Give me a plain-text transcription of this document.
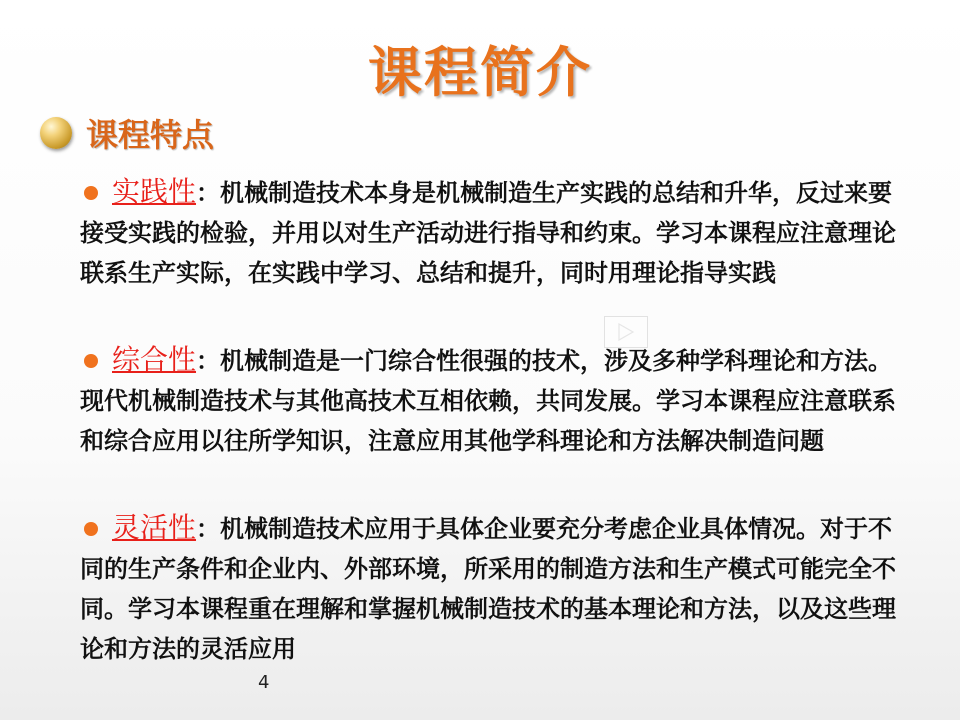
课程简介
课程特点
实践性：机械制造技术本身是机械制造生产实践的总结和升华，反过来要接受实践的检验，并用以对生产活动进行指导和约束。学习本课程应注意理论联系生产实际，在实践中学习、总结和提升，同时用理论指导实践
综合性：机械制造是一门综合性很强的技术，涉及多种学科理论和方法。现代机械制造技术与其他高技术互相依赖，共同发展。学习本课程应注意联系和综合应用以往所学知识，注意应用其他学科理论和方法解决制造问题
灵活性：机械制造技术应用于具体企业要充分考虑企业具体情况。对于不同的生产条件和企业内、外部环境，所采用的制造方法和生产模式可能完全不同。学习本课程重在理解和掌握机械制造技术的基本理论和方法，以及这些理论和方法的灵活应用
4
